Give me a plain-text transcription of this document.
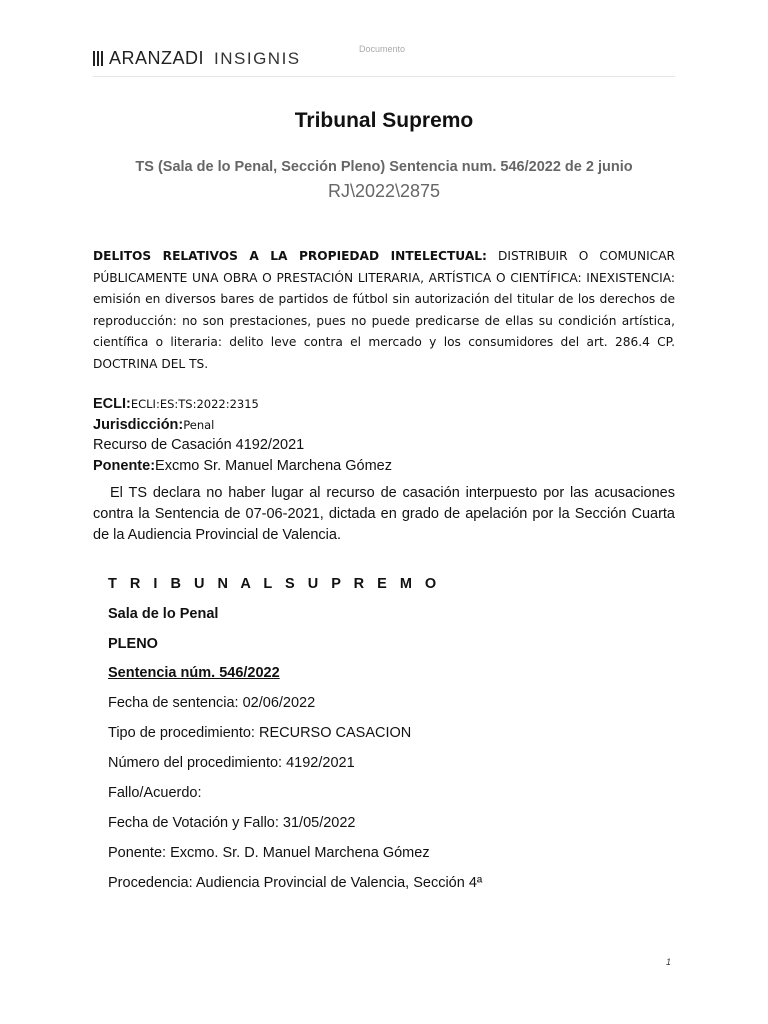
ARANZADI INSIGNIS	Documento
Tribunal Supremo
TS (Sala de lo Penal, Sección Pleno) Sentencia num. 546/2022 de 2 junio
RJ\2022\2875
DELITOS RELATIVOS A LA PROPIEDAD INTELECTUAL: DISTRIBUIR O COMUNICAR PÚBLICAMENTE UNA OBRA O PRESTACIÓN LITERARIA, ARTÍSTICA O CIENTÍFICA: INEXISTENCIA: emisión en diversos bares de partidos de fútbol sin autorización del titular de los derechos de reproducción: no son prestaciones, pues no puede predicarse de ellas su condición artística, científica o literaria: delito leve contra el mercado y los consumidores del art. 286.4 CP. DOCTRINA DEL TS.
ECLI:ECLI:ES:TS:2022:2315
Jurisdicción:Penal
Recurso de Casación 4192/2021
Ponente:Excmo Sr. Manuel Marchena Gómez
El TS declara no haber lugar al recurso de casación interpuesto por las acusaciones contra la Sentencia de 07-06-2021, dictada en grado de apelación por la Sección Cuarta de la Audiencia Provincial de Valencia.
T R I B U N A L S U P R E M O
Sala de lo Penal
PLENO
Sentencia núm. 546/2022
Fecha de sentencia: 02/06/2022
Tipo de procedimiento: RECURSO CASACION
Número del procedimiento: 4192/2021
Fallo/Acuerdo:
Fecha de Votación y Fallo: 31/05/2022
Ponente: Excmo. Sr. D. Manuel Marchena Gómez
Procedencia: Audiencia Provincial de Valencia, Sección 4ª
1
